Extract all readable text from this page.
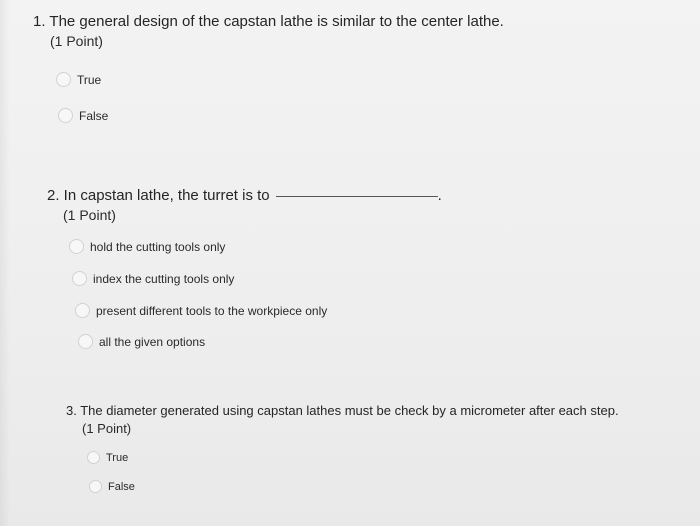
1. The general design of the capstan lathe is similar to the center lathe.
(1 Point)
True
False
2. In capstan lathe, the turret is to	.
(1 Point)
hold the cutting tools only
index the cutting tools only
present different tools to the workpiece only
all the given options
3. The diameter generated using capstan lathes must be check by a micrometer after each step.
(1 Point)
True
False
